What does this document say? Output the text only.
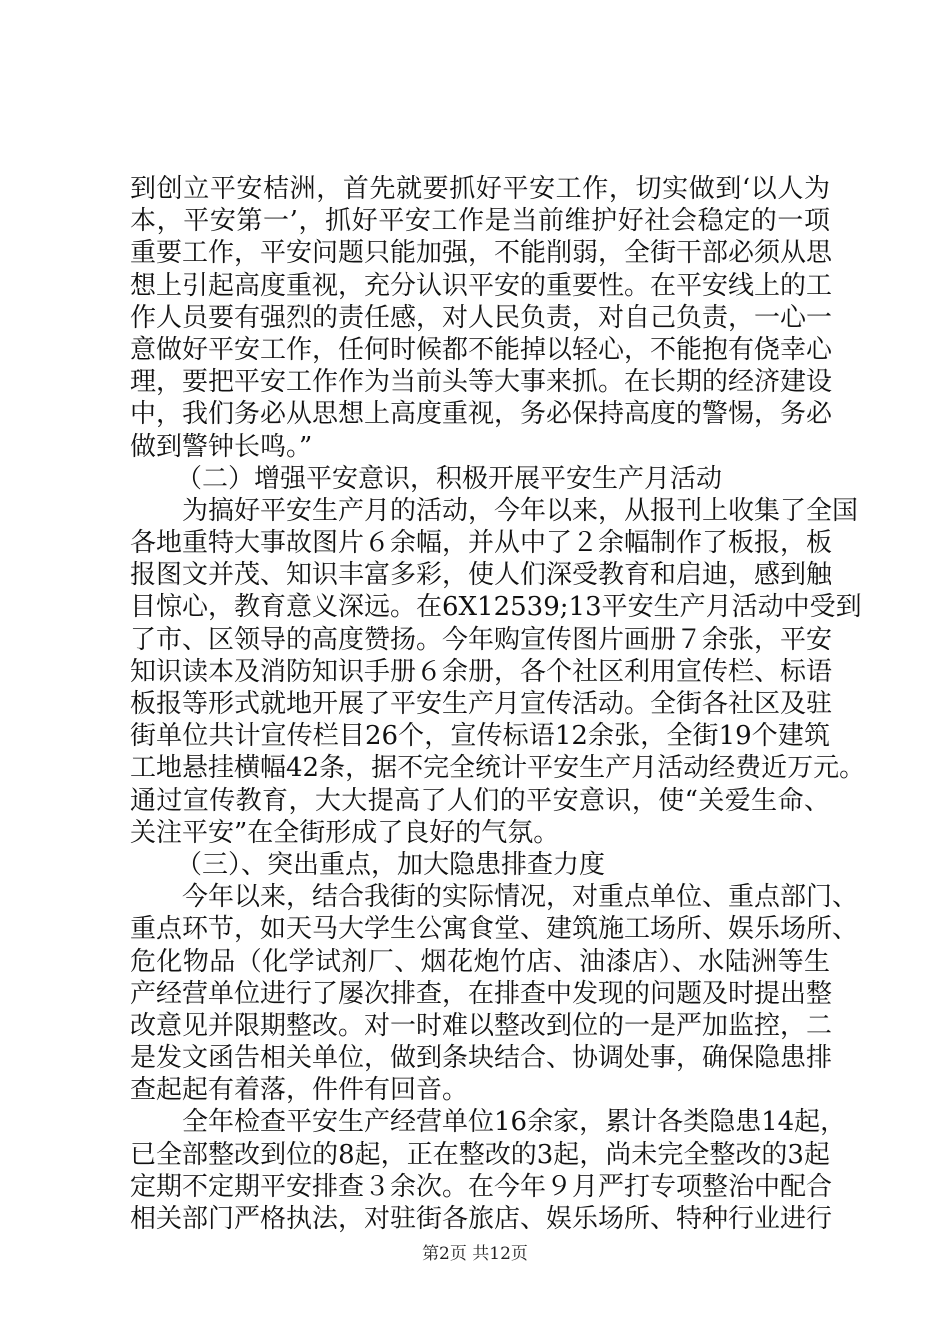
到创立平安桔洲，首先就要抓好平安工作，切实做到‘以人为
本，平安第一’，抓好平安工作是当前维护好社会稳定的一项
重要工作，平安问题只能加强，不能削弱，全街干部必须从思
想上引起高度重视，充分认识平安的重要性。在平安线上的工
作人员要有强烈的责任感，对人民负责，对自己负责，一心一
意做好平安工作，任何时候都不能掉以轻心，不能抱有侥幸心
理，要把平安工作作为当前头等大事来抓。在长期的经济建设
中，我们务必从思想上高度重视，务必保持高度的警惕，务必
做到警钟长鸣。”
（二）增强平安意识，积极开展平安生产月活动
为搞好平安生产月的活动，今年以来，从报刊上收集了全国
各地重特大事故图片６余幅，并从中了２余幅制作了板报，板
报图文并茂、知识丰富多彩，使人们深受教育和启迪，感到触
目惊心，教育意义深远。在6X12539;13平安生产月活动中受到
了市、区领导的高度赞扬。今年购宣传图片画册７余张，平安
知识读本及消防知识手册６余册，各个社区利用宣传栏、标语
板报等形式就地开展了平安生产月宣传活动。全街各社区及驻
街单位共计宣传栏目26个，宣传标语12余张，全街19个建筑
工地悬挂横幅42条，据不完全统计平安生产月活动经费近万元。
通过宣传教育，大大提高了人们的平安意识，使“关爱生命、
关注平安”在全街形成了良好的气氛。
（三）、突出重点，加大隐患排查力度
今年以来，结合我街的实际情况，对重点单位、重点部门、
重点环节，如天马大学生公寓食堂、建筑施工场所、娱乐场所、
危化物品（化学试剂厂、烟花炮竹店、油漆店）、水陆洲等生
产经营单位进行了屡次排查，在排查中发现的问题及时提出整
改意见并限期整改。对一时难以整改到位的一是严加监控，二
是发文函告相关单位，做到条块结合、协调处事，确保隐患排
查起起有着落，件件有回音。
全年检查平安生产经营单位16余家，累计各类隐患14起，
已全部整改到位的8起，正在整改的3起，尚未完全整改的3起
定期不定期平安排查３余次。在今年９月严打专项整治中配合
相关部门严格执法，对驻街各旅店、娱乐场所、特种行业进行
第2页 共12页
